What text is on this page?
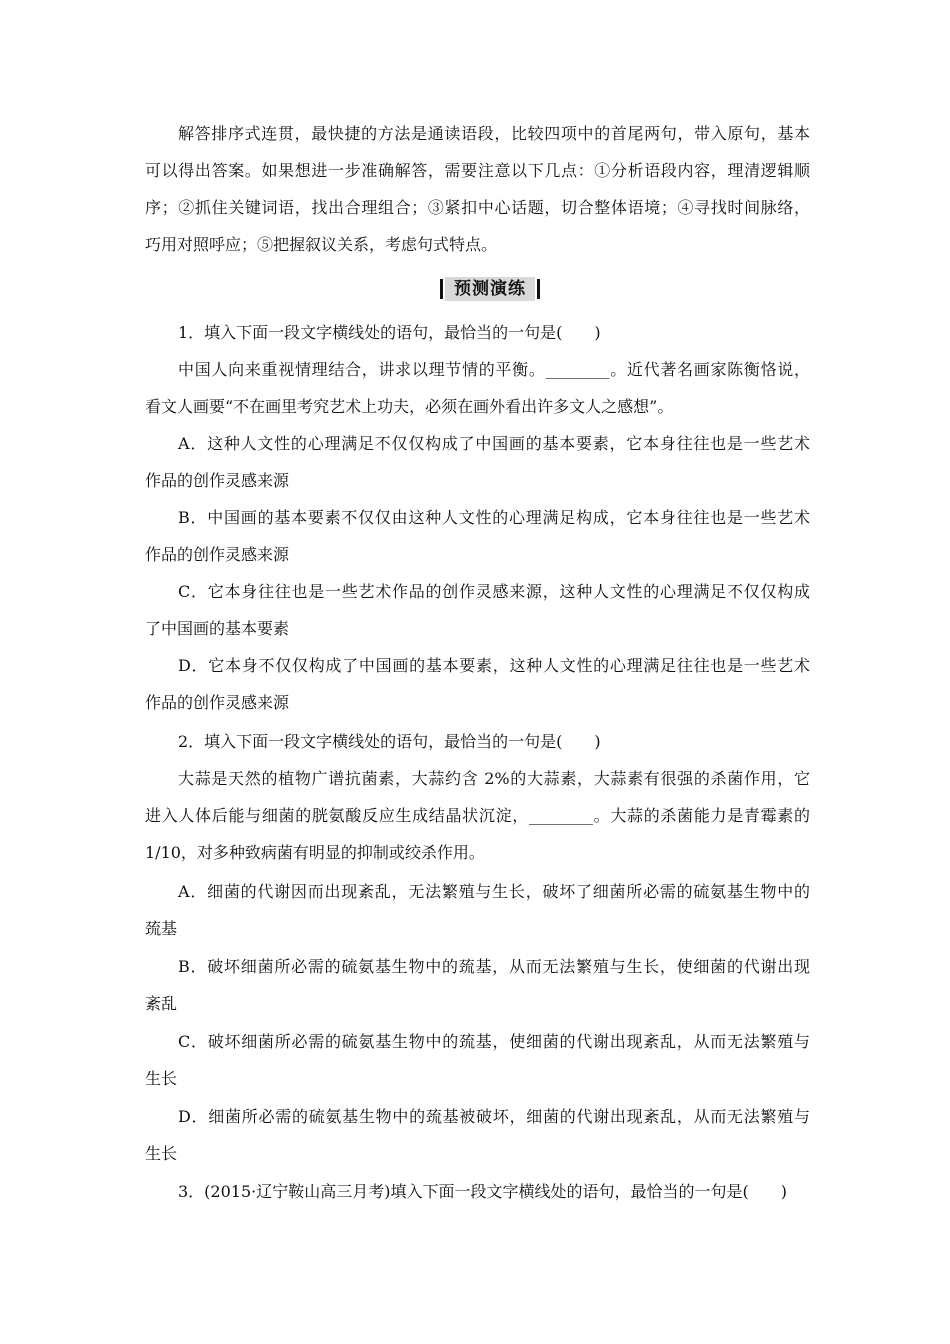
解答排序式连贯，最快捷的方法是通读语段，比较四项中的首尾两句，带入原句，基本
可以得出答案。如果想进一步准确解答，需要注意以下几点：①分析语段内容，理清逻辑顺
序；②抓住关键词语，找出合理组合；③紧扣中心话题，切合整体语境；④寻找时间脉络，
巧用对照呼应；⑤把握叙议关系，考虑句式特点。
预测演练
1．填入下面一段文字横线处的语句，最恰当的一句是(　　)
中国人向来重视情理结合，讲求以理节情的平衡。________。近代著名画家陈衡恪说，
看文人画要“不在画里考究艺术上功夫，必须在画外看出许多文人之感想”。
A．这种人文性的心理满足不仅仅构成了中国画的基本要素，它本身往往也是一些艺术
作品的创作灵感来源
B．中国画的基本要素不仅仅由这种人文性的心理满足构成，它本身往往也是一些艺术
作品的创作灵感来源
C．它本身往往也是一些艺术作品的创作灵感来源，这种人文性的心理满足不仅仅构成
了中国画的基本要素
D．它本身不仅仅构成了中国画的基本要素，这种人文性的心理满足往往也是一些艺术
作品的创作灵感来源
2．填入下面一段文字横线处的语句，最恰当的一句是(　　)
大蒜是天然的植物广谱抗菌素，大蒜约含 2%的大蒜素，大蒜素有很强的杀菌作用，它
进入人体后能与细菌的胱氨酸反应生成结晶状沉淀，________。大蒜的杀菌能力是青霉素的
1/10，对多种致病菌有明显的抑制或绞杀作用。
A．细菌的代谢因而出现紊乱，无法繁殖与生长，破坏了细菌所必需的硫氨基生物中的
巯基
B．破坏细菌所必需的硫氨基生物中的巯基，从而无法繁殖与生长，使细菌的代谢出现
紊乱
C．破坏细菌所必需的硫氨基生物中的巯基，使细菌的代谢出现紊乱，从而无法繁殖与
生长
D．细菌所必需的硫氨基生物中的巯基被破坏，细菌的代谢出现紊乱，从而无法繁殖与
生长
3．(2015·辽宁鞍山高三月考)填入下面一段文字横线处的语句，最恰当的一句是(　　)
